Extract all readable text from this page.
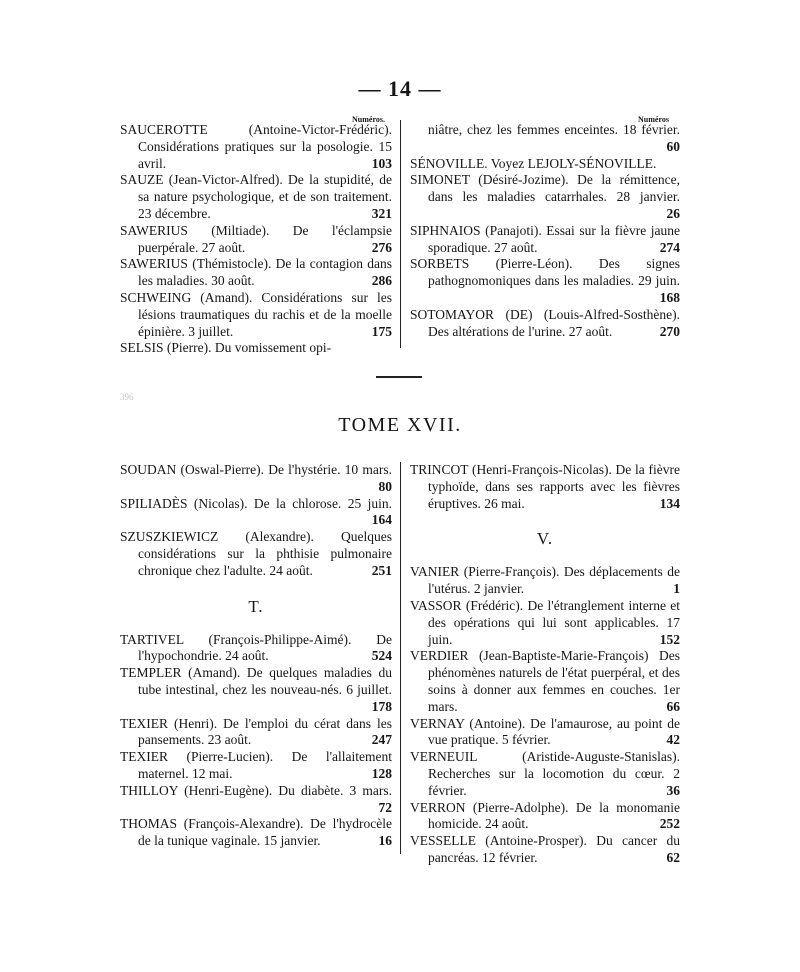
— 14 —
Numéros.	Numéros
SAUCEROTTE (Antoine-Victor-Frédéric). Considérations pratiques sur la posologie. 15 avril.	103
SAUZE (Jean-Victor-Alfred). De la stupidité, de sa nature psychologique, et de son traitement. 23 décembre.	321
SAWERIUS (Miltiade). De l'éclampsie puerpérale. 27 août.	276
SAWERIUS (Thémistocle). De la contagion dans les maladies. 30 août.	286
SCHWEING (Amand). Considérations sur les lésions traumatiques du rachis et de la moelle épinière. 3 juillet.	175
SELSIS (Pierre). Du vomissement opi-
niâtre, chez les femmes enceintes. 18 février.
60
SÉNOVILLE. Voyez LEJOLY-SÉNOVILLE.
SIMONET (Désiré-Jozime). De la rémittence, dans les maladies catarrhales. 28 janvier.
26
SIPHNAIOS (Panajoti). Essai sur la fièvre jaune sporadique. 27 août.	274
SORBETS (Pierre-Léon). Des signes pathognomoniques dans les maladies. 29 juin.
168
SOTOMAYOR (DE) (Louis-Alfred-Sosthène). Des altérations de l'urine. 27 août.	270
396
TOME XVII.
SOUDAN (Oswal-Pierre). De l'hystérie. 10 mars.
80
SPILIADÈS (Nicolas). De la chlorose. 25 juin.
164
SZUSZKIEWICZ (Alexandre). Quelques considérations sur la phthisie pulmonaire chronique chez l'adulte. 24 août.	251
T.
TARTIVEL (François-Philippe-Aimé). De l'hypochondrie. 24 août.	524
TEMPLER (Amand). De quelques maladies du tube intestinal, chez les nouveau-nés. 6 juillet.
178
TEXIER (Henri). De l'emploi du cérat dans les pansements. 23 août.	247
TEXIER (Pierre-Lucien). De l'allaitement maternel. 12 mai.	128
THILLOY (Henri-Eugène). Du diabète. 3 mars.
72
THOMAS (François-Alexandre). De l'hydrocèle de la tunique vaginale. 15 janvier.	16
TRINCOT (Henri-François-Nicolas). De la fièvre typhoïde, dans ses rapports avec les fièvres éruptives. 26 mai.	134
V.
VANIER (Pierre-François). Des déplacements de l'utérus. 2 janvier.	1
VASSOR (Frédéric). De l'étranglement interne et des opérations qui lui sont applicables. 17 juin.	152
VERDIER (Jean-Baptiste-Marie-François) Des phénomènes naturels de l'état puerpéral, et des soins à donner aux femmes en couches. 1er mars.	66
VERNAY (Antoine). De l'amaurose, au point de vue pratique. 5 février.	42
VERNEUIL (Aristide-Auguste-Stanislas). Recherches sur la locomotion du cœur. 2 février.	36
VERRON (Pierre-Adolphe). De la monomanie homicide. 24 août.	252
VESSELLE (Antoine-Prosper). Du cancer du pancréas. 12 février.	62
